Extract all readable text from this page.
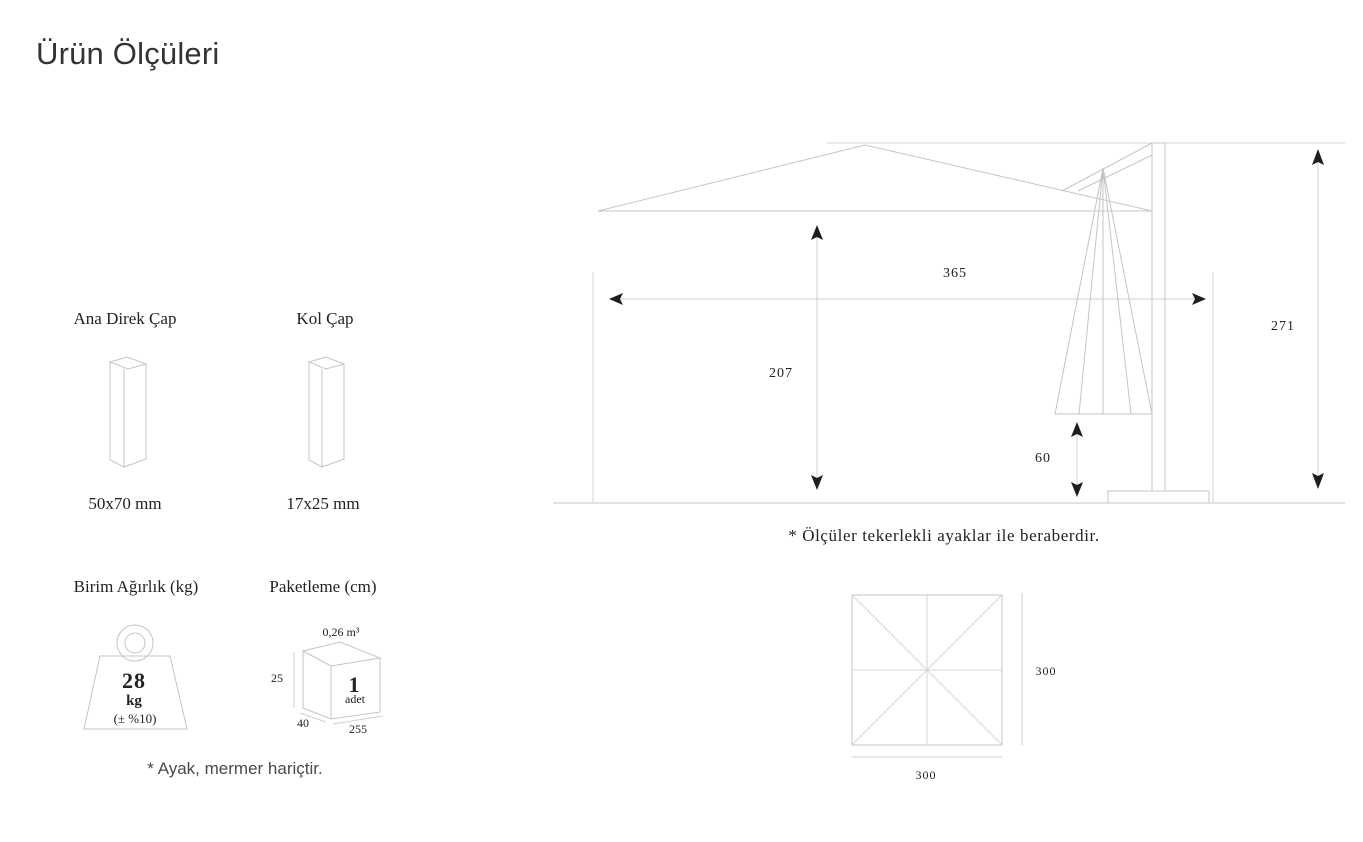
Ürün Ölçüleri
Ana Direk Çap	Kol Çap
50x70 mm	17x25 mm
Birim Ağırlık (kg)	Paketleme (cm)
28
kg
(± %10)
0,26 m³
1
adet
25
40	255
365
207
271
60
* Ölçüler tekerlekli ayaklar ile beraberdir.
300
300
* Ayak, mermer hariçtir.
